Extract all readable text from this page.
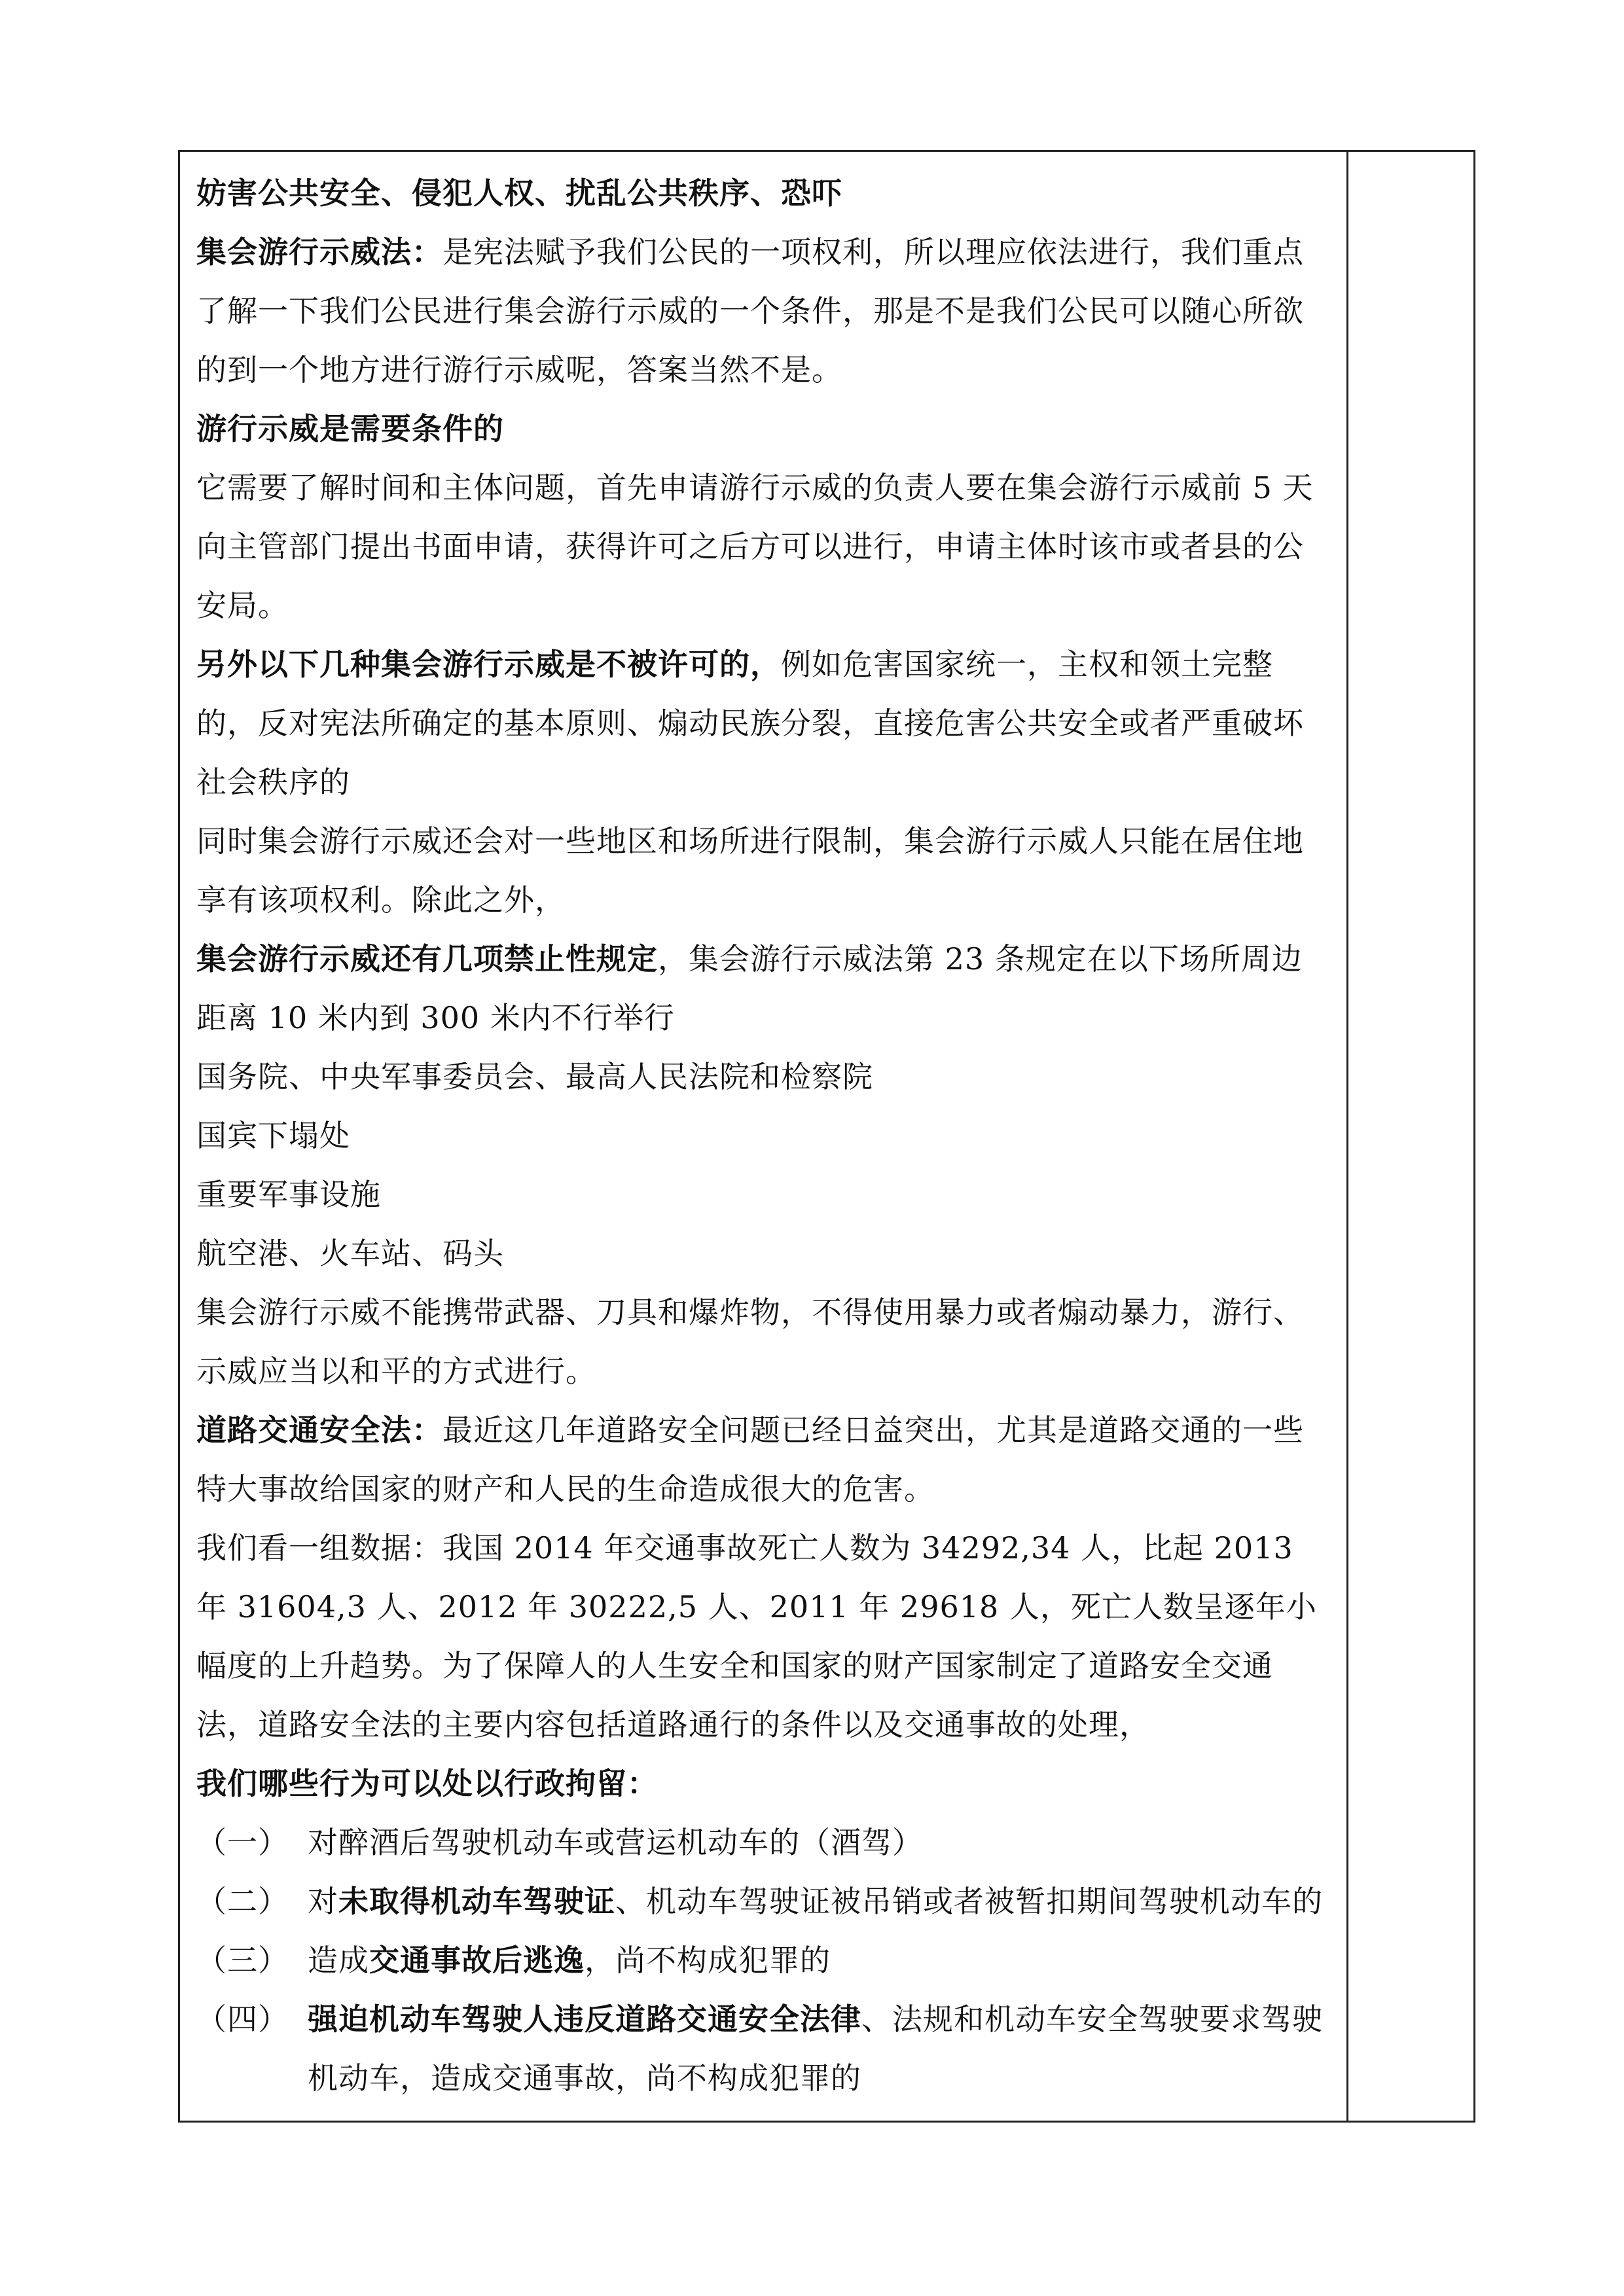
妨害公共安全、侵犯人权、扰乱公共秩序、恐吓

集会游行示威法：是宪法赋予我们公民的一项权利，所以理应依法进行，我们重点了解一下我们公民进行集会游行示威的一个条件，那是不是我们公民可以随心所欲的到一个地方进行游行示威呢，答案当然不是。

游行示威是需要条件的

它需要了解时间和主体问题，首先申请游行示威的负责人要在集会游行示威前 5 天向主管部门提出书面申请，获得许可之后方可以进行，申请主体时该市或者县的公安局。

另外以下几种集会游行示威是不被许可的，例如危害国家统一，主权和领土完整的，反对宪法所确定的基本原则、煽动民族分裂，直接危害公共安全或者严重破坏社会秩序的

同时集会游行示威还会对一些地区和场所进行限制，集会游行示威人只能在居住地享有该项权利。除此之外，

集会游行示威还有几项禁止性规定，集会游行示威法第 23 条规定在以下场所周边距离 10 米内到 300 米内不行举行

国务院、中央军事委员会、最高人民法院和检察院

国宾下塌处

重要军事设施

航空港、火车站、码头

集会游行示威不能携带武器、刀具和爆炸物，不得使用暴力或者煽动暴力，游行、示威应当以和平的方式进行。

道路交通安全法：最近这几年道路安全问题已经日益突出，尤其是道路交通的一些特大事故给国家的财产和人民的生命造成很大的危害。

我们看一组数据：我国 2014 年交通事故死亡人数为 34292,34 人，比起 2013 年 31604,3 人、2012 年 30222,5 人、2011 年 29618 人，死亡人数呈逐年小幅度的上升趋势。为了保障人的人生安全和国家的财产国家制定了道路安全交通法，道路安全法的主要内容包括道路通行的条件以及交通事故的处理，

我们哪些行为可以处以行政拘留：

（一） 对醉酒后驾驶机动车或营运机动车的（酒驾）
（二） 对未取得机动车驾驶证、机动车驾驶证被吊销或者被暂扣期间驾驶机动车的
（三） 造成交通事故后逃逸，尚不构成犯罪的
（四） 强迫机动车驾驶人违反道路交通安全法律、法规和机动车安全驾驶要求驾驶机动车，造成交通事故，尚不构成犯罪的
